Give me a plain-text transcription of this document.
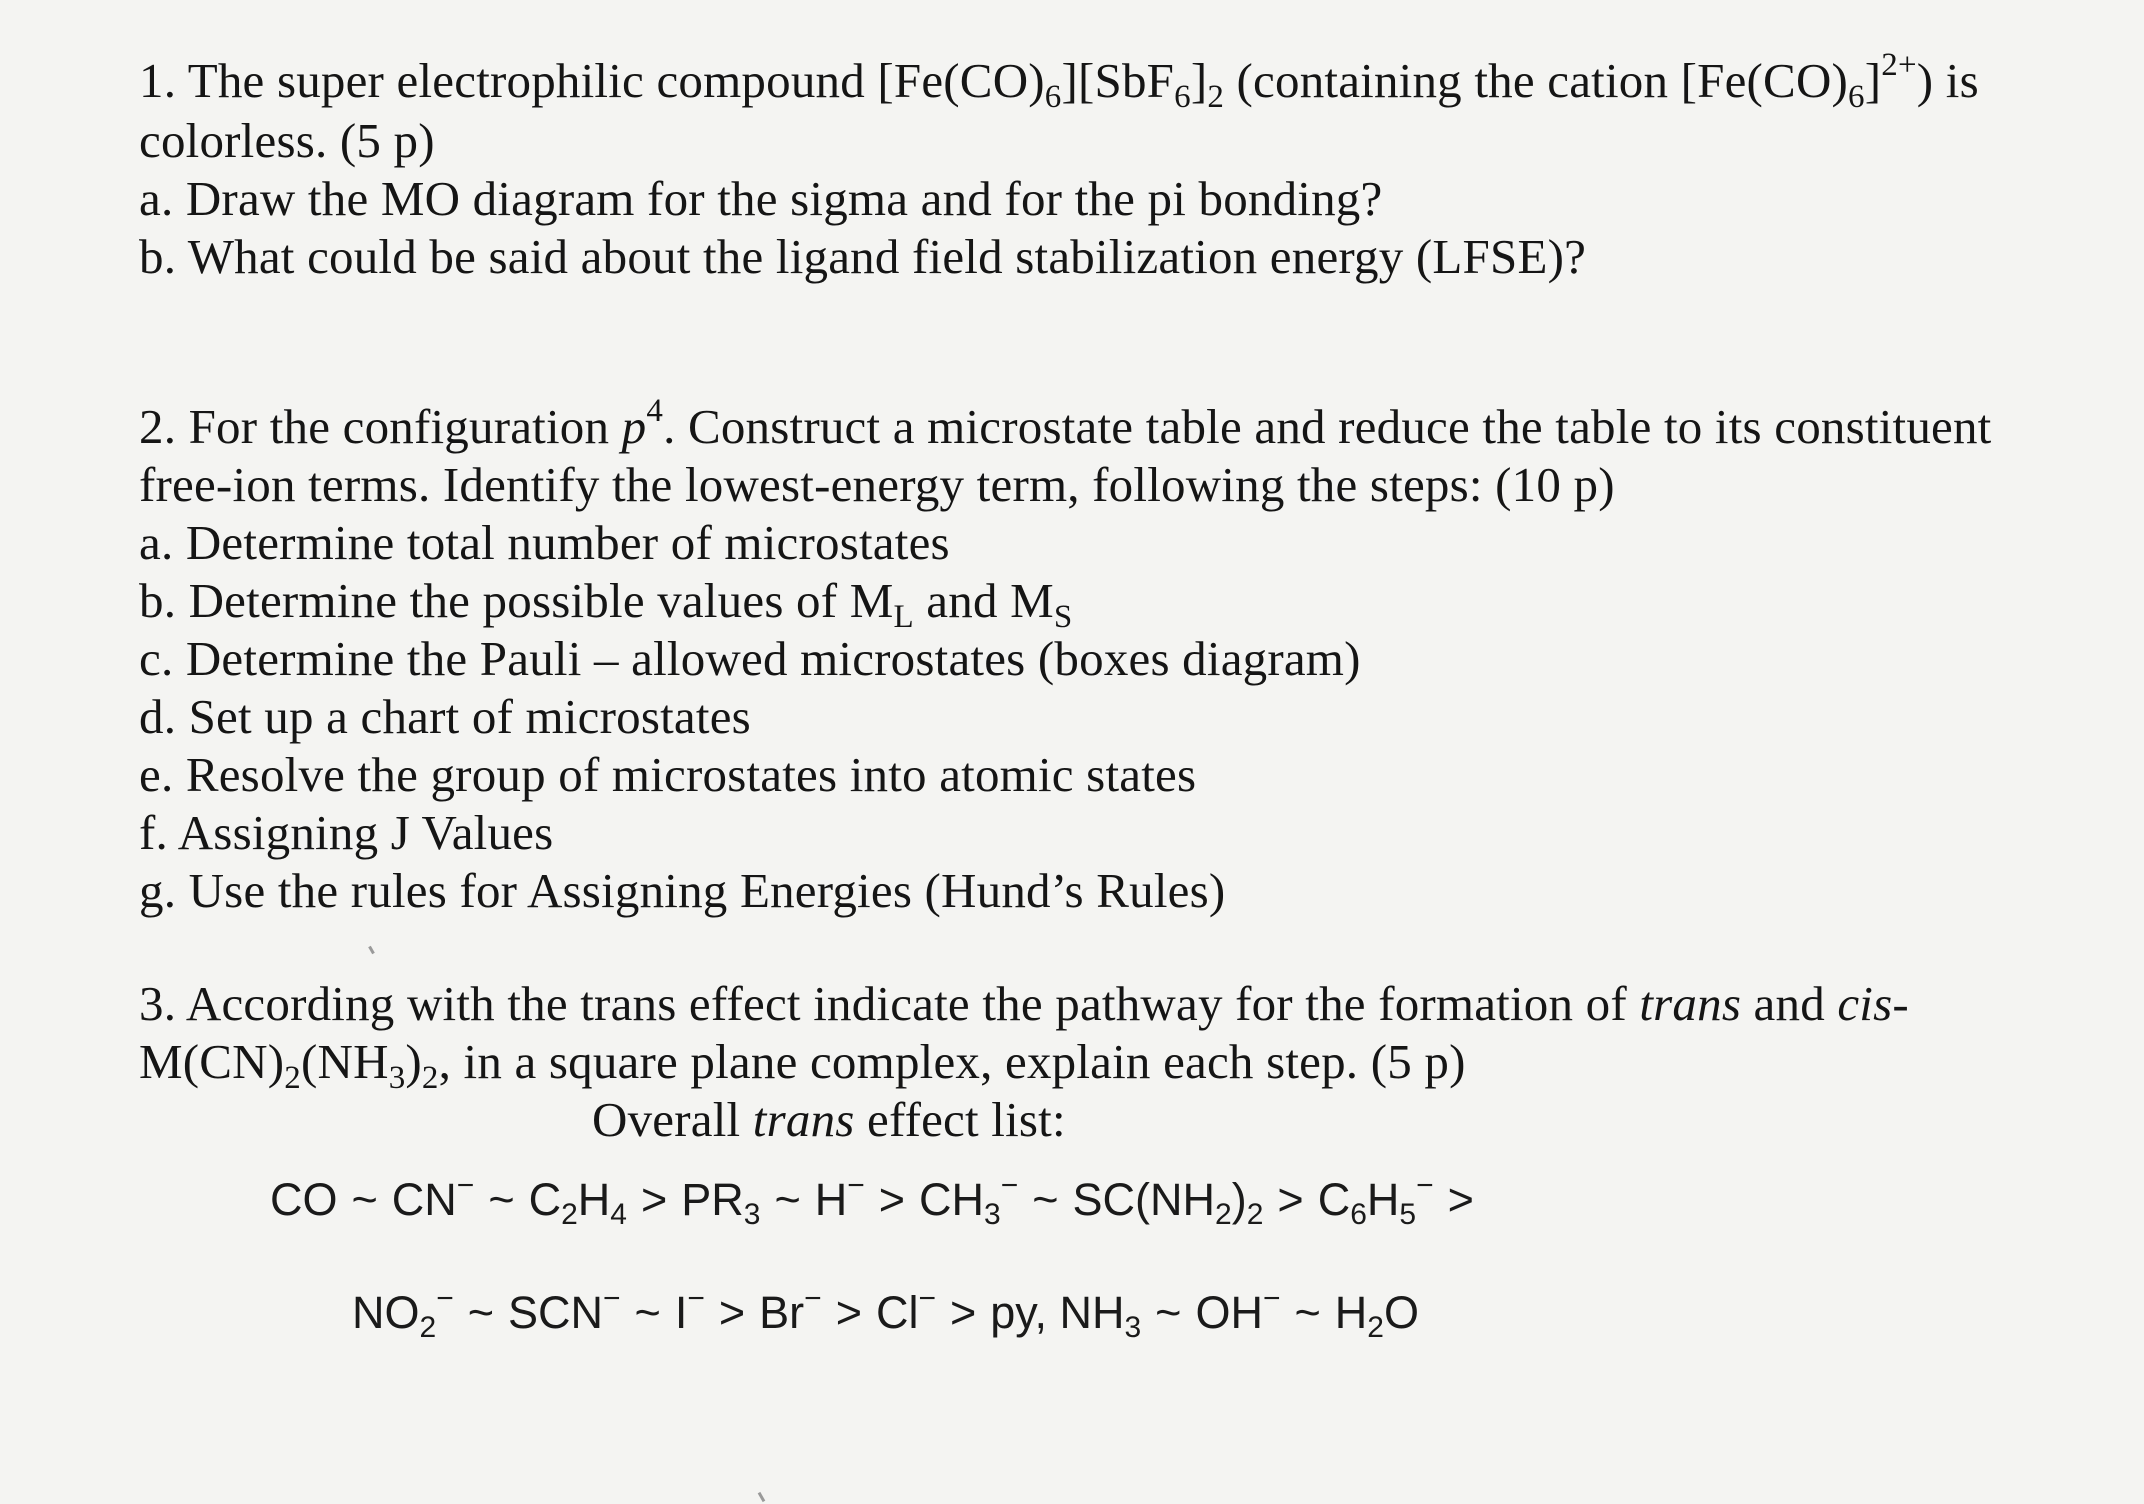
1. The super electrophilic compound $[Fe(CO)_6][SbF_6]_2$ (containing the cation $[Fe(CO)_6]^{2+}$) is
colorless. (5 p)
a. Draw the MO diagram for the sigma and for the pi bonding?
b. What could be said about the ligand field stabilization energy (LFSE)?
2. For the configuration $p^4$. Construct a microstate table and reduce the table to its constituent
free-ion terms. Identify the lowest-energy term, following the steps: (10 p)
a. Determine total number of microstates
b. Determine the possible values of $M_L$ and $M_S$
c. Determine the Pauli – allowed microstates (boxes diagram)
d. Set up a chart of microstates
e. Resolve the group of microstates into atomic states
f. Assigning J Values
g. Use the rules for Assigning Energies (Hund’s Rules)
3. According with the trans effect indicate the pathway for the formation of trans and cis-
$M(CN)_2(NH_3)_2$, in a square plane complex, explain each step. (5 p)
Overall trans effect list:
CO ~ CN− ~ $C_2H_4 > PR_3$ ~ $H^- > CH_3^-$ ~ $SC(NH_2)_2 > C_6H_5^-$ >
$NO_2^-$ ~ SCN− ~ I− > Br− > Cl− > py, $NH_3$ ~ OH− ~ $H_2O$
